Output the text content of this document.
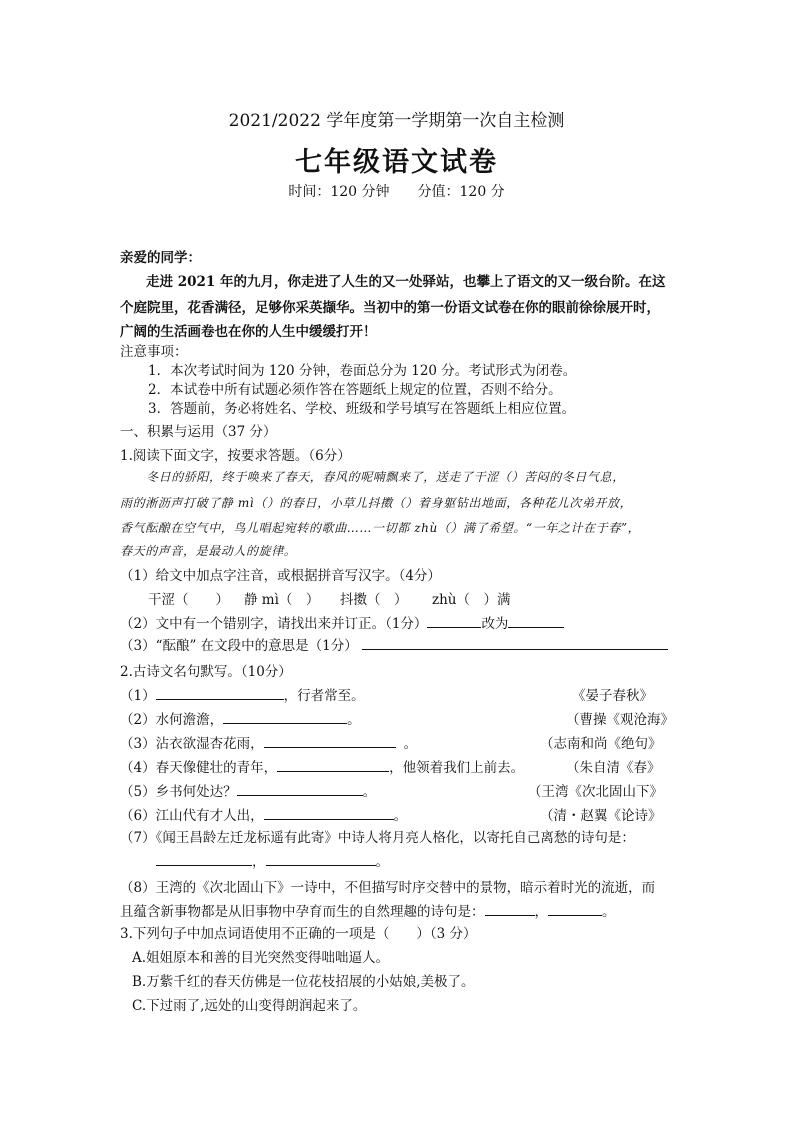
2021/2022 学年度第一学期第一次自主检测
七年级语文试卷
时间：120 分钟 分值：120 分
亲爱的同学：
走进 2021 年的九月，你走进了人生的又一处驿站，也攀上了语文的又一级台阶。在这
个庭院里，花香满径，足够你采英撷华。当初中的第一份语文试卷在你的眼前徐徐展开时，
广阔的生活画卷也在你的人生中缓缓打开！
注意事项：
1．本次考试时间为 120 分钟，卷面总分为 120 分。考试形式为闭卷。
2．本试卷中所有试题必须作答在答题纸上规定的位置，否则不给分。
3．答题前，务必将姓名、学校、班级和学号填写在答题纸上相应位置。
一、积累与运用（37 分）
1.阅读下面文字，按要求答题。（6分）
冬日的骄阳，终于唤来了春天，春风的呢喃飘来了，送走了干涩（）苦闷的冬日气息，
雨的淅沥声打破了静 mì（）的春日，小草儿抖擞（）着身躯钻出地面，各种花儿次弟开放，
香气酝酿在空气中，鸟儿唱起宛转的歌曲……一切都 zhù（）满了希望。“一年之计在于春”，
春天的声音，是最动人的旋律。
（1）给文中加点字注音，或根据拼音写汉字。（4分）
干涩（　　） 静 mì（　） 抖擞（　） zhù（　）满
（2）文中有一个错别字，请找出来并订正。（1分）	改为
（3）“酝酿” 在文段中的意思是（1分）
2.古诗文名句默写。（10分）
（1）	，行者常至。	《晏子春秋》
（2）水何澹澹，	。	（曹操《观沧海》
（3）沾衣欲湿杏花雨，	。	（志南和尚《绝句》
（4）春天像健壮的青年，	，他领着我们上前去。	（朱自清《春》
（5）乡书何处达？	。	（王湾《次北固山下》
（6）江山代有才人出，	。	（清・赵翼《论诗》
（7）《闻王昌龄左迁龙标遥有此寄》中诗人将月亮人格化，以寄托自己离愁的诗句是：
，	。
（8）王湾的《次北固山下》一诗中，不但描写时序交替中的景物，暗示着时光的流逝，而
且蕴含新事物都是从旧事物中孕育而生的自然理趣的诗句是：	，	。
3.下列句子中加点词语使用不正确的一项是（　　）（3 分）
A.姐姐原本和善的目光突然变得咄咄逼人。
B.万紫千红的春天仿佛是一位花枝招展的小姑娘,美极了。
C.下过雨了,远处的山变得朗润起来了。
